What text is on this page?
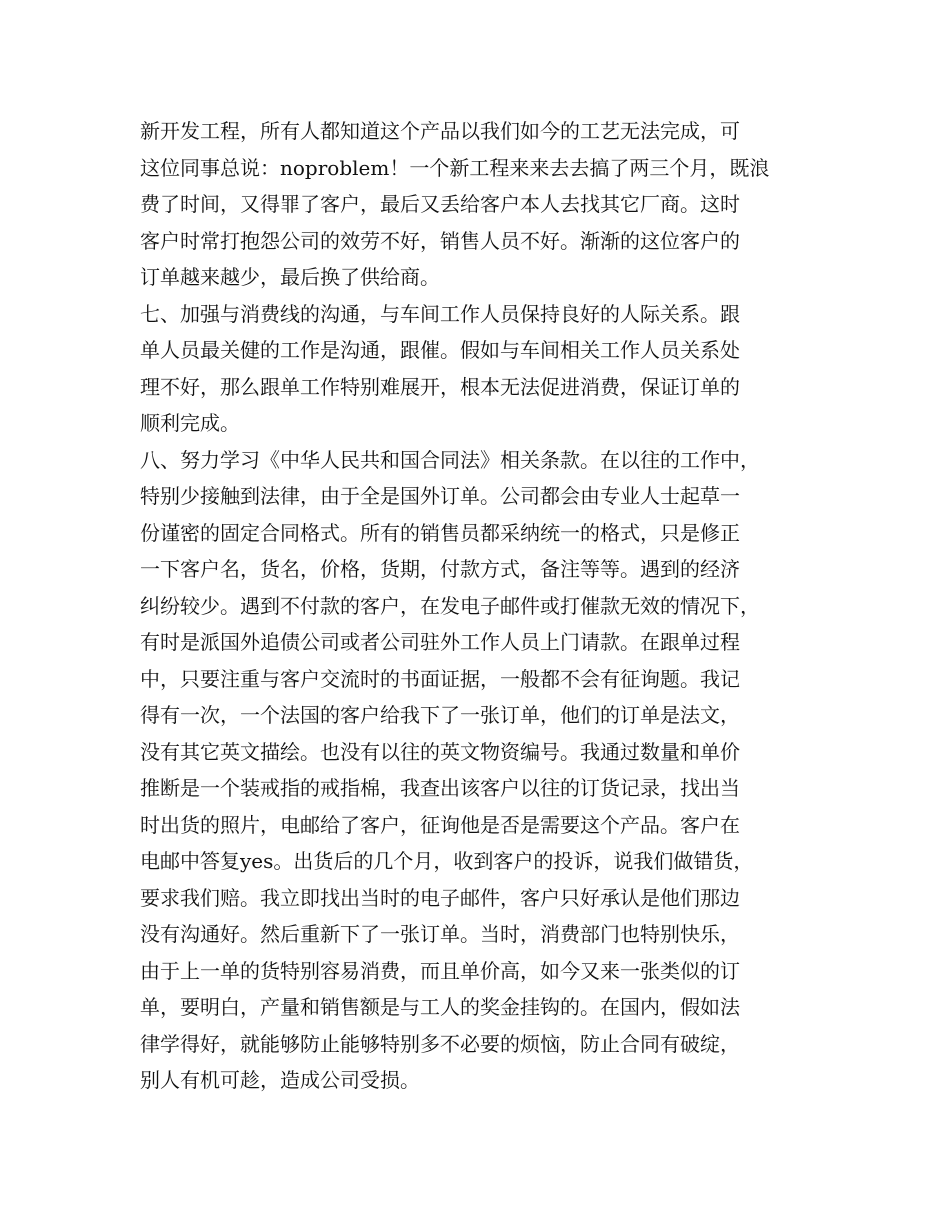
新开发工程，所有人都知道这个产品以我们如今的工艺无法完成，可
这位同事总说：noproblem！一个新工程来来去去搞了两三个月，既浪
费了时间，又得罪了客户，最后又丢给客户本人去找其它厂商。这时
客户时常打抱怨公司的效劳不好，销售人员不好。渐渐的这位客户的
订单越来越少，最后换了供给商。
七、加强与消费线的沟通，与车间工作人员保持良好的人际关系。跟
单人员最关健的工作是沟通，跟催。假如与车间相关工作人员关系处
理不好，那么跟单工作特别难展开，根本无法促进消费，保证订单的
顺利完成。
八、努力学习《中华人民共和国合同法》相关条款。在以往的工作中，
特别少接触到法律，由于全是国外订单。公司都会由专业人士起草一
份谨密的固定合同格式。所有的销售员都采纳统一的格式，只是修正
一下客户名，货名，价格，货期，付款方式，备注等等。遇到的经济
纠纷较少。遇到不付款的客户，在发电子邮件或打催款无效的情况下，
有时是派国外追债公司或者公司驻外工作人员上门请款。在跟单过程
中，只要注重与客户交流时的书面证据，一般都不会有征询题。我记
得有一次，一个法国的客户给我下了一张订单，他们的订单是法文，
没有其它英文描绘。也没有以往的英文物资编号。我通过数量和单价
推断是一个装戒指的戒指棉，我查出该客户以往的订货记录，找出当
时出货的照片，电邮给了客户，征询他是否是需要这个产品。客户在
电邮中答复yes。出货后的几个月，收到客户的投诉，说我们做错货，
要求我们赔。我立即找出当时的电子邮件，客户只好承认是他们那边
没有沟通好。然后重新下了一张订单。当时，消费部门也特别快乐，
由于上一单的货特别容易消费，而且单价高，如今又来一张类似的订
单，要明白，产量和销售额是与工人的奖金挂钩的。在国内，假如法
律学得好，就能够防止能够特别多不必要的烦恼，防止合同有破绽，
别人有机可趁，造成公司受损。
